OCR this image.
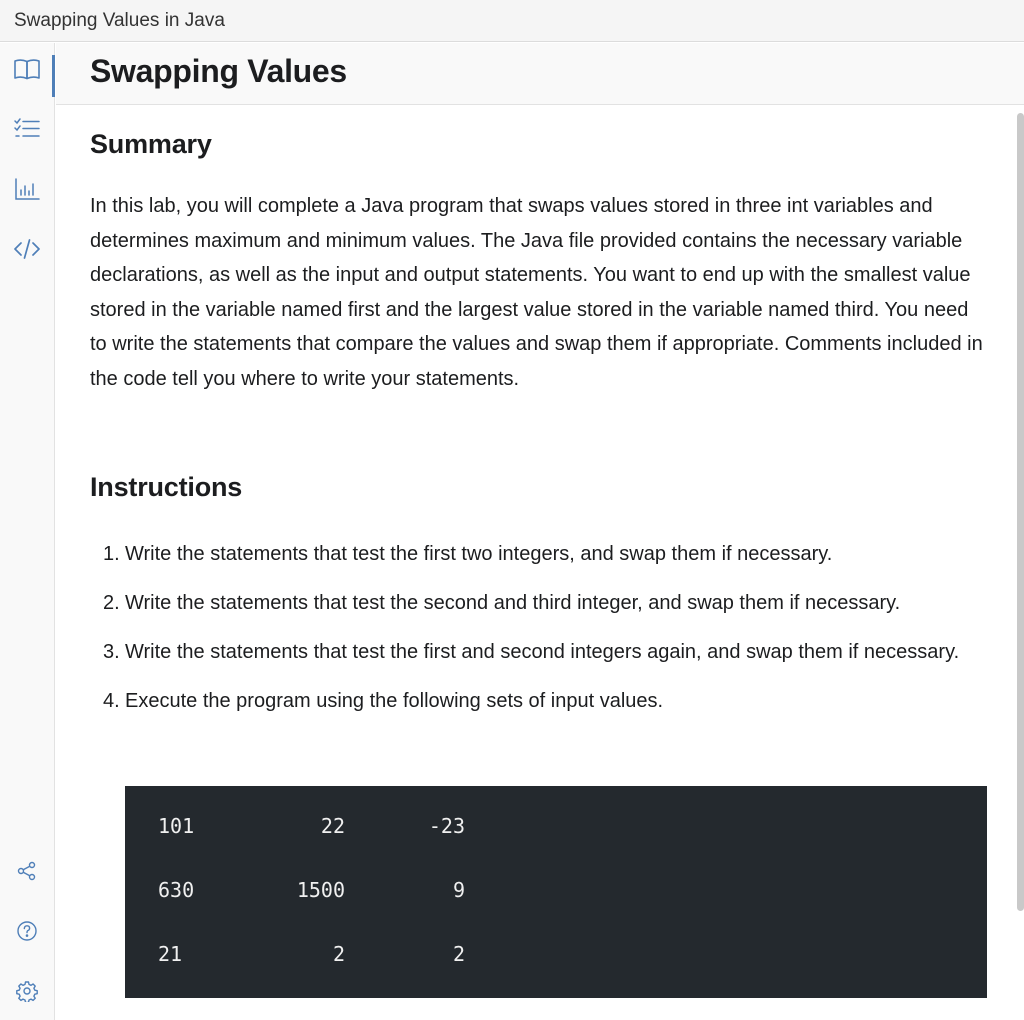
Swapping Values in Java
Swapping Values
Summary

In this lab, you will complete a Java program that swaps values stored in three int variables and determines maximum and minimum values. The Java file provided contains the necessary variable declarations, as well as the input and output statements. You want to end up with the smallest value stored in the variable named first and the largest value stored in the variable named third. You need to write the statements that compare the values and swap them if appropriate. Comments included in the code tell you where to write your statements.

Instructions
1. Write the statements that test the first two integers, and swap them if necessary.
2. Write the statements that test the second and third integer, and swap them if necessary.
3. Write the statements that test the first and second integers again, and swap them if necessary.
4. Execute the program using the following sets of input values.
101	22	-23
630	1500	9
21	2	2
